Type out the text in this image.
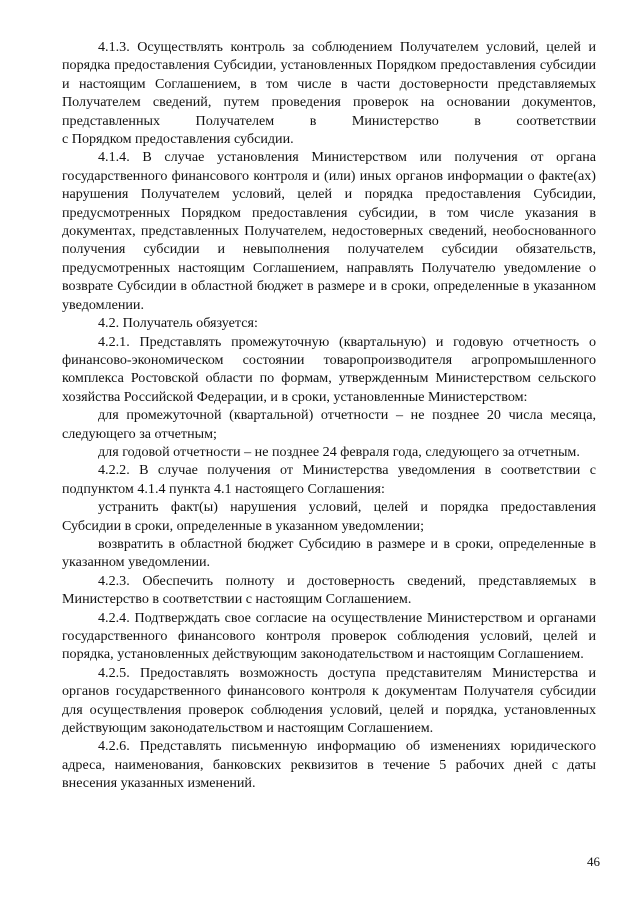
4.1.3. Осуществлять контроль за соблюдением Получателем условий, целей и порядка предоставления Субсидии, установленных Порядком предоставления субсидии и настоящим Соглашением, в том числе в части достоверности представляемых Получателем сведений, путем проведения проверок на основании документов, представленных Получателем в Министерство в соответствии

с Порядком предоставления субсидии.

4.1.4. В случае установления Министерством или получения от органа государственного финансового контроля и (или) иных органов информации о факте(ах) нарушения Получателем условий, целей и порядка предоставления Субсидии, предусмотренных Порядком предоставления субсидии, в том числе указания в документах, представленных Получателем, недостоверных сведений, необоснованного получения субсидии и невыполнения получателем субсидии обязательств, предусмотренных настоящим Соглашением, направлять Получателю уведомление о возврате Субсидии в областной бюджет в размере и в сроки, определенные в указанном уведомлении.

4.2. Получатель обязуется:

4.2.1. Представлять промежуточную (квартальную) и годовую отчетность о финансово-экономическом состоянии товаропроизводителя агропромышленного комплекса Ростовской области по формам, утвержденным Министерством сельского хозяйства Российской Федерации, и в сроки, установленные Министерством:

для промежуточной (квартальной) отчетности – не позднее 20 числа месяца, следующего за отчетным;

для годовой отчетности – не позднее 24 февраля года, следующего за отчетным.

4.2.2. В случае получения от Министерства уведомления в соответствии с подпунктом 4.1.4 пункта 4.1 настоящего Соглашения:

устранить факт(ы) нарушения условий, целей и порядка предоставления Субсидии в сроки, определенные в указанном уведомлении;

возвратить в областной бюджет Субсидию в размере и в сроки, определенные в указанном уведомлении.

4.2.3. Обеспечить полноту и достоверность сведений, представляемых в Министерство в соответствии с настоящим Соглашением.

4.2.4. Подтверждать свое согласие на осуществление Министерством и органами государственного финансового контроля проверок соблюдения условий, целей и порядка, установленных действующим законодательством и настоящим Соглашением.

4.2.5. Предоставлять возможность доступа представителям Министерства и органов государственного финансового контроля к документам Получателя субсидии для осуществления проверок соблюдения условий, целей и порядка, установленных действующим законодательством и настоящим Соглашением.

4.2.6. Представлять письменную информацию об изменениях юридического адреса, наименования, банковских реквизитов в течение 5 рабочих дней с даты внесения указанных изменений.

46
